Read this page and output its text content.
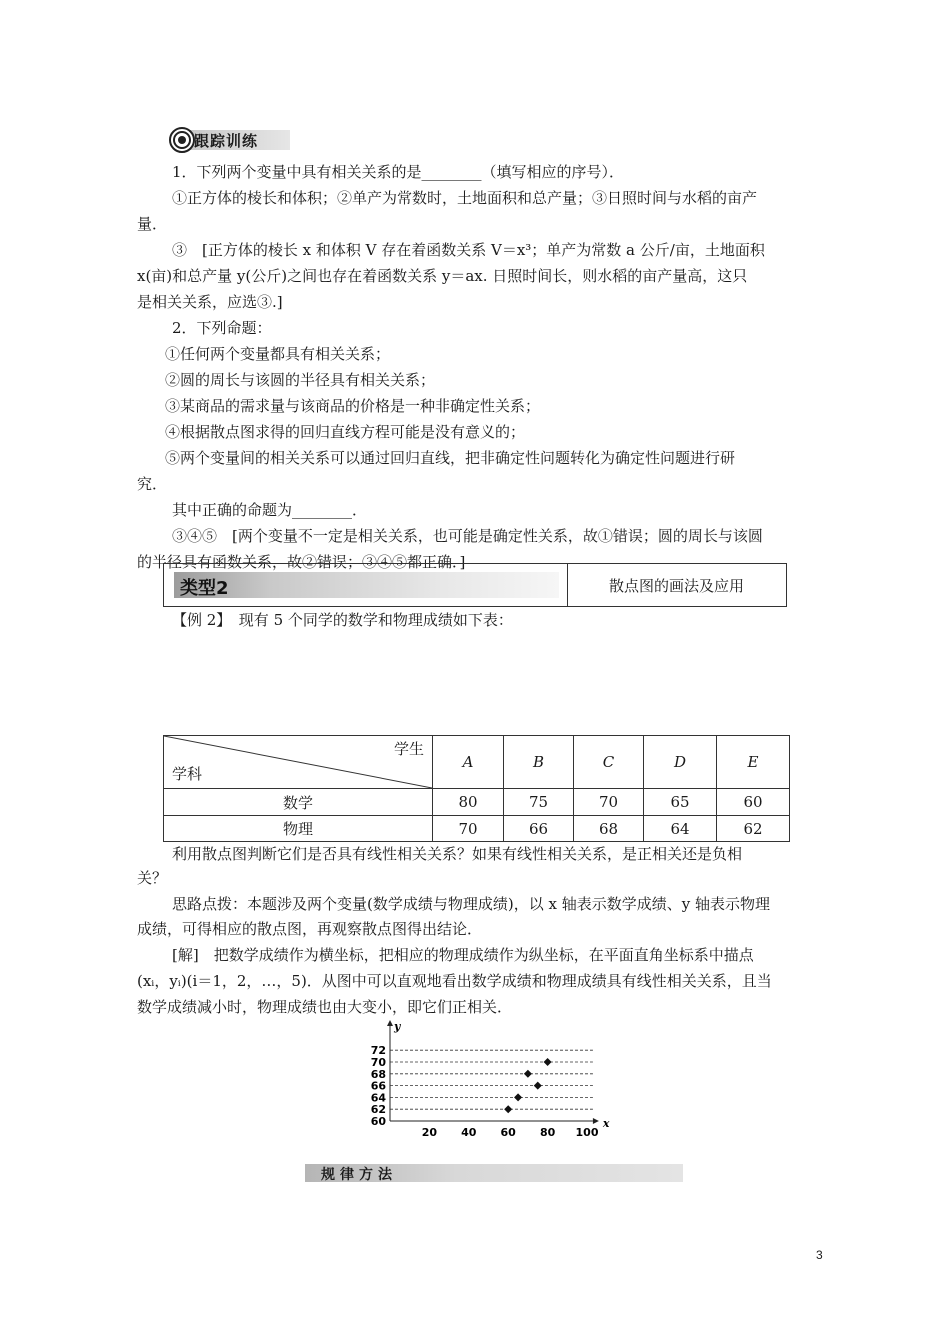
跟踪训练
1．下列两个变量中具有相关关系的是________（填写相应的序号）．
①正方体的棱长和体积；②单产为常数时，土地面积和总产量；③日照时间与水稻的亩产
量．
③　[正方体的棱长 x 和体积 V 存在着函数关系 V＝x³；单产为常数 a 公斤/亩，土地面积
x(亩)和总产量 y(公斤)之间也存在着函数关系 y＝ax. 日照时间长，则水稻的亩产量高，这只
是相关关系，应选③.]
2．下列命题：
①任何两个变量都具有相关关系；
②圆的周长与该圆的半径具有相关关系；
③某商品的需求量与该商品的价格是一种非确定性关系；
④根据散点图求得的回归直线方程可能是没有意义的；
⑤两个变量间的相关关系可以通过回归直线，把非确定性问题转化为确定性问题进行研
究．
其中正确的命题为________．
③④⑤　[两个变量不一定是相关关系，也可能是确定性关系，故①错误；圆的周长与该圆
的半径具有函数关系，故②错误；③④⑤都正确．]
类型2	散点图的画法及应用
【例 2】　现有 5 个同学的数学和物理成绩如下表：
学生
学科	A	B	C	D	E
数学	80	75	70	65	60
物理	70	66	68	64	62
利用散点图判断它们是否具有线性相关关系？如果有线性相关关系，是正相关还是负相
关？
思路点拨：本题涉及两个变量(数学成绩与物理成绩)，以 x 轴表示数学成绩、y 轴表示物理
成绩，可得相应的散点图，再观察散点图得出结论．
[解]　把数学成绩作为横坐标，把相应的物理成绩作为纵坐标，在平面直角坐标系中描点
(xᵢ，yᵢ)(i＝1，2，…，5)．从图中可以直观地看出数学成绩和物理成绩具有线性相关关系，且当
数学成绩减小时，物理成绩也由大变小，即它们正相关．
x
y
60
62
64
66
68
70
72
20 40 60 80 100
规律方法
3
